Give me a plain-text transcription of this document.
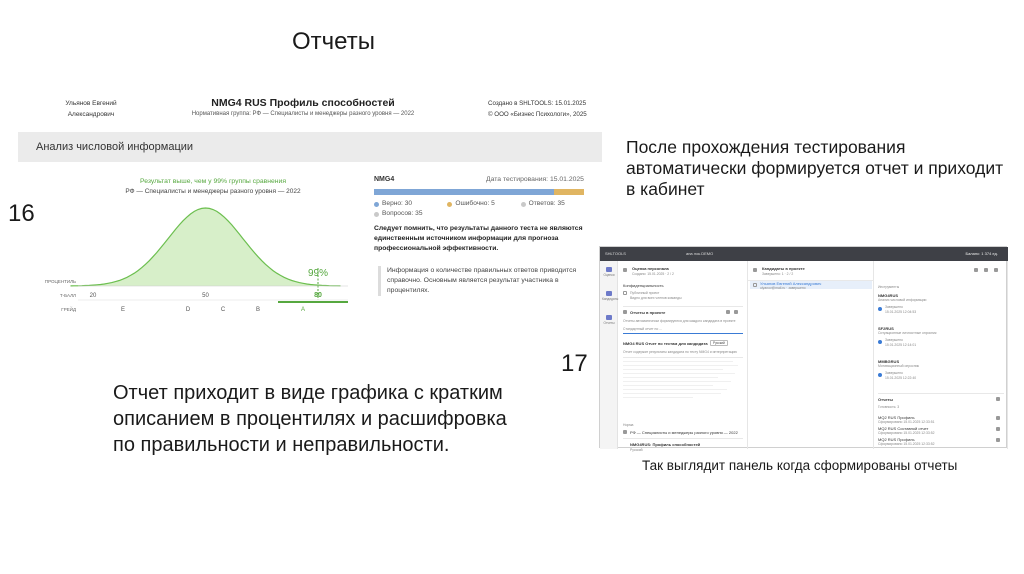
Отчеты
Ульянов Евгений Александрович
NMG4 RUS Профиль способностей
Нормативная группа: РФ — Специалисты и менеджеры разного уровня — 2022
Создано в SHLTOOLS: 15.01.2025
© ООО «Бизнес Психологи», 2025
Анализ числовой информации
Результат выше, чем у 99% группы сравнения
РФ — Специалисты и менеджеры разного уровня — 2022
99%
ПРОЦЕНТИЛЬ
Т-БАЛЛ
ГРЕЙД
20	50
E	D	C	B	A
80
NMG4	Дата тестирования: 15.01.2025
Верно: 30	Ошибочно: 5	Ответов: 35
Вопросов: 35
Следует помнить, что результаты данного теста не являются единственным источником информации для прогноза профессиональной эффективности.
Информация о количестве правильных ответов приводится справочно. Основным является результат участника в процентилях.
16
После прохождения тестирования автоматически формируется отчет и приходит в кабинет
17
Отчет приходит в виде графика с кратким описанием в процентилях и расшифровка по правильности и неправильности.
Так выглядит панель когда сформированы отчеты
SHLTOOLS	ана лок.DEMO	Баланс: 1 374 ед.
Оценки
Кандидаты
Отчеты
Оценка персонала
Создано: 15.01.2025 · 2 / 2
Конфиденциальность
Публичный проект
Видно для всех членов команды
Отчеты в проекте
Отчеты автоматически формируются для каждого кандидата в проекте
Стандартный отчет по ...
NMG4 RUS Отчет по тестам для кандидата	Русский
Отчет содержит результаты кандидата по тесту NMG4 и интерпретацию
Норма
РФ — Специалисты и менеджеры разного уровня — 2022
NMG4RUS: Профиль способностей
Русский
Кандидаты в проекте
Завершено: 1 · 2 / 2
Ульянов Евгений Александрович
ulyanov@mail.ru · завершено	Инструменты
NMG4RUS
Анализ числовой информации
Завершено
15.01.2025 12:04:53
SF2RUS
Ситуационные личностные опросник
Завершено
15.01.2025 12:14:01
MMBGRUS
Мотивационный опросник
Завершено
15.01.2025 12:22:40
Отчеты
Готовность: 3
MQ2 RUS Профиль
Сформировано 15.01.2025 12:33:51
MQ2 RUS Составной отчет
Сформировано 15.01.2025 12:33:52
MQ2 RUS Профиль
Сформировано 15.01.2025 12:33:52
